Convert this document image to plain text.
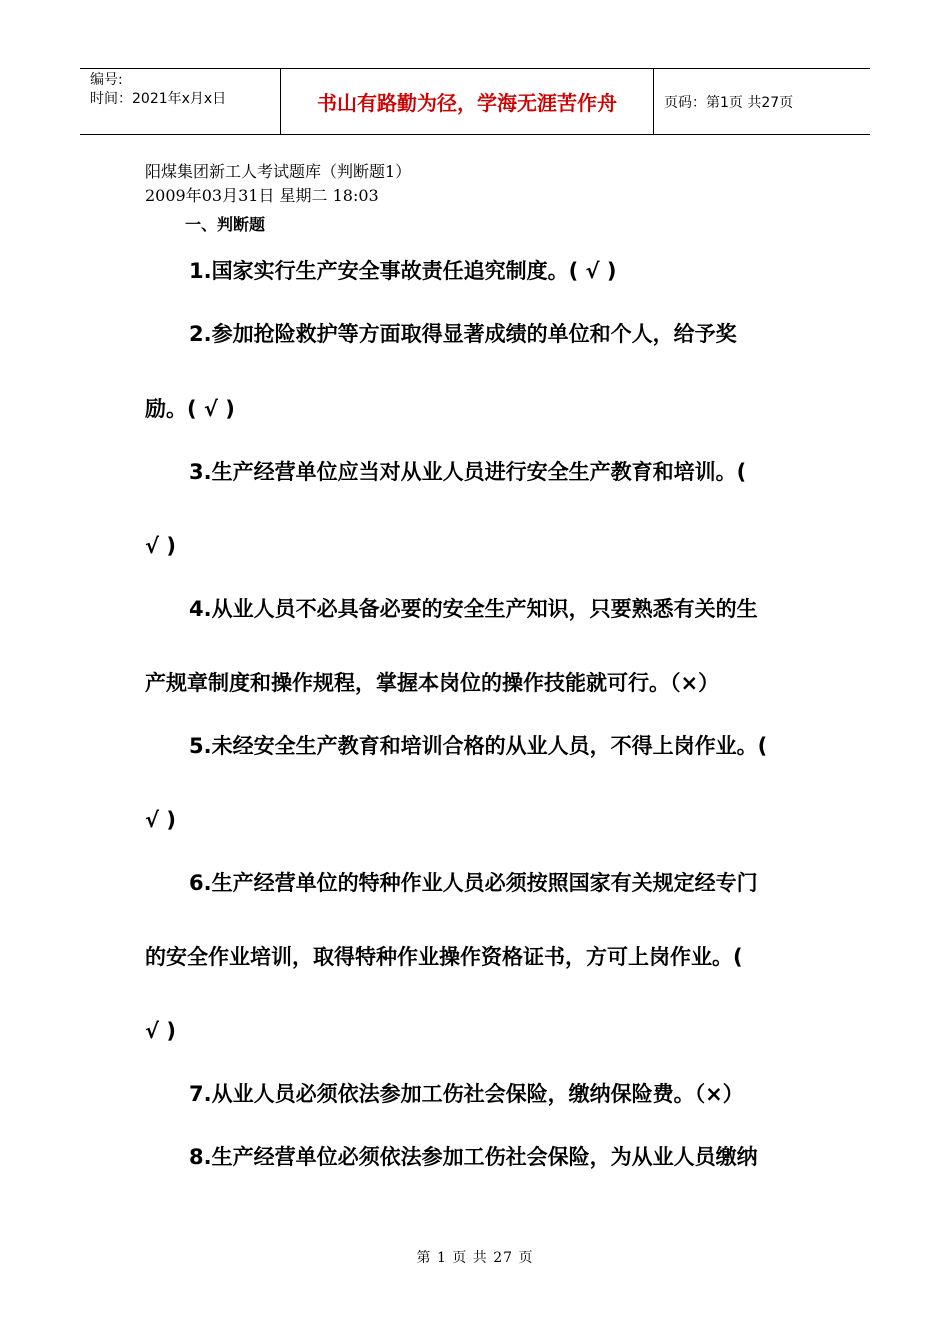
编号:
时间：2021年x月x日	书山有路勤为径，学海无涯苦作舟	页码：第1页 共27页
阳煤集团新工人考试题库（判断题1）
2009年03月31日 星期二 18:03
一、判断题
1.国家实行生产安全事故责任追究制度。( √ )
2.参加抢险救护等方面取得显著成绩的单位和个人，给予奖
励。( √ )
3.生产经营单位应当对从业人员进行安全生产教育和培训。(
√ )
4.从业人员不必具备必要的安全生产知识，只要熟悉有关的生
产规章制度和操作规程，掌握本岗位的操作技能就可行。（×）
5.未经安全生产教育和培训合格的从业人员，不得上岗作业。(
√ )
6.生产经营单位的特种作业人员必须按照国家有关规定经专门
的安全作业培训，取得特种作业操作资格证书，方可上岗作业。(
√ )
7.从业人员必须依法参加工伤社会保险，缴纳保险费。（×）
8.生产经营单位必须依法参加工伤社会保险，为从业人员缴纳
第 1 页 共 27 页
